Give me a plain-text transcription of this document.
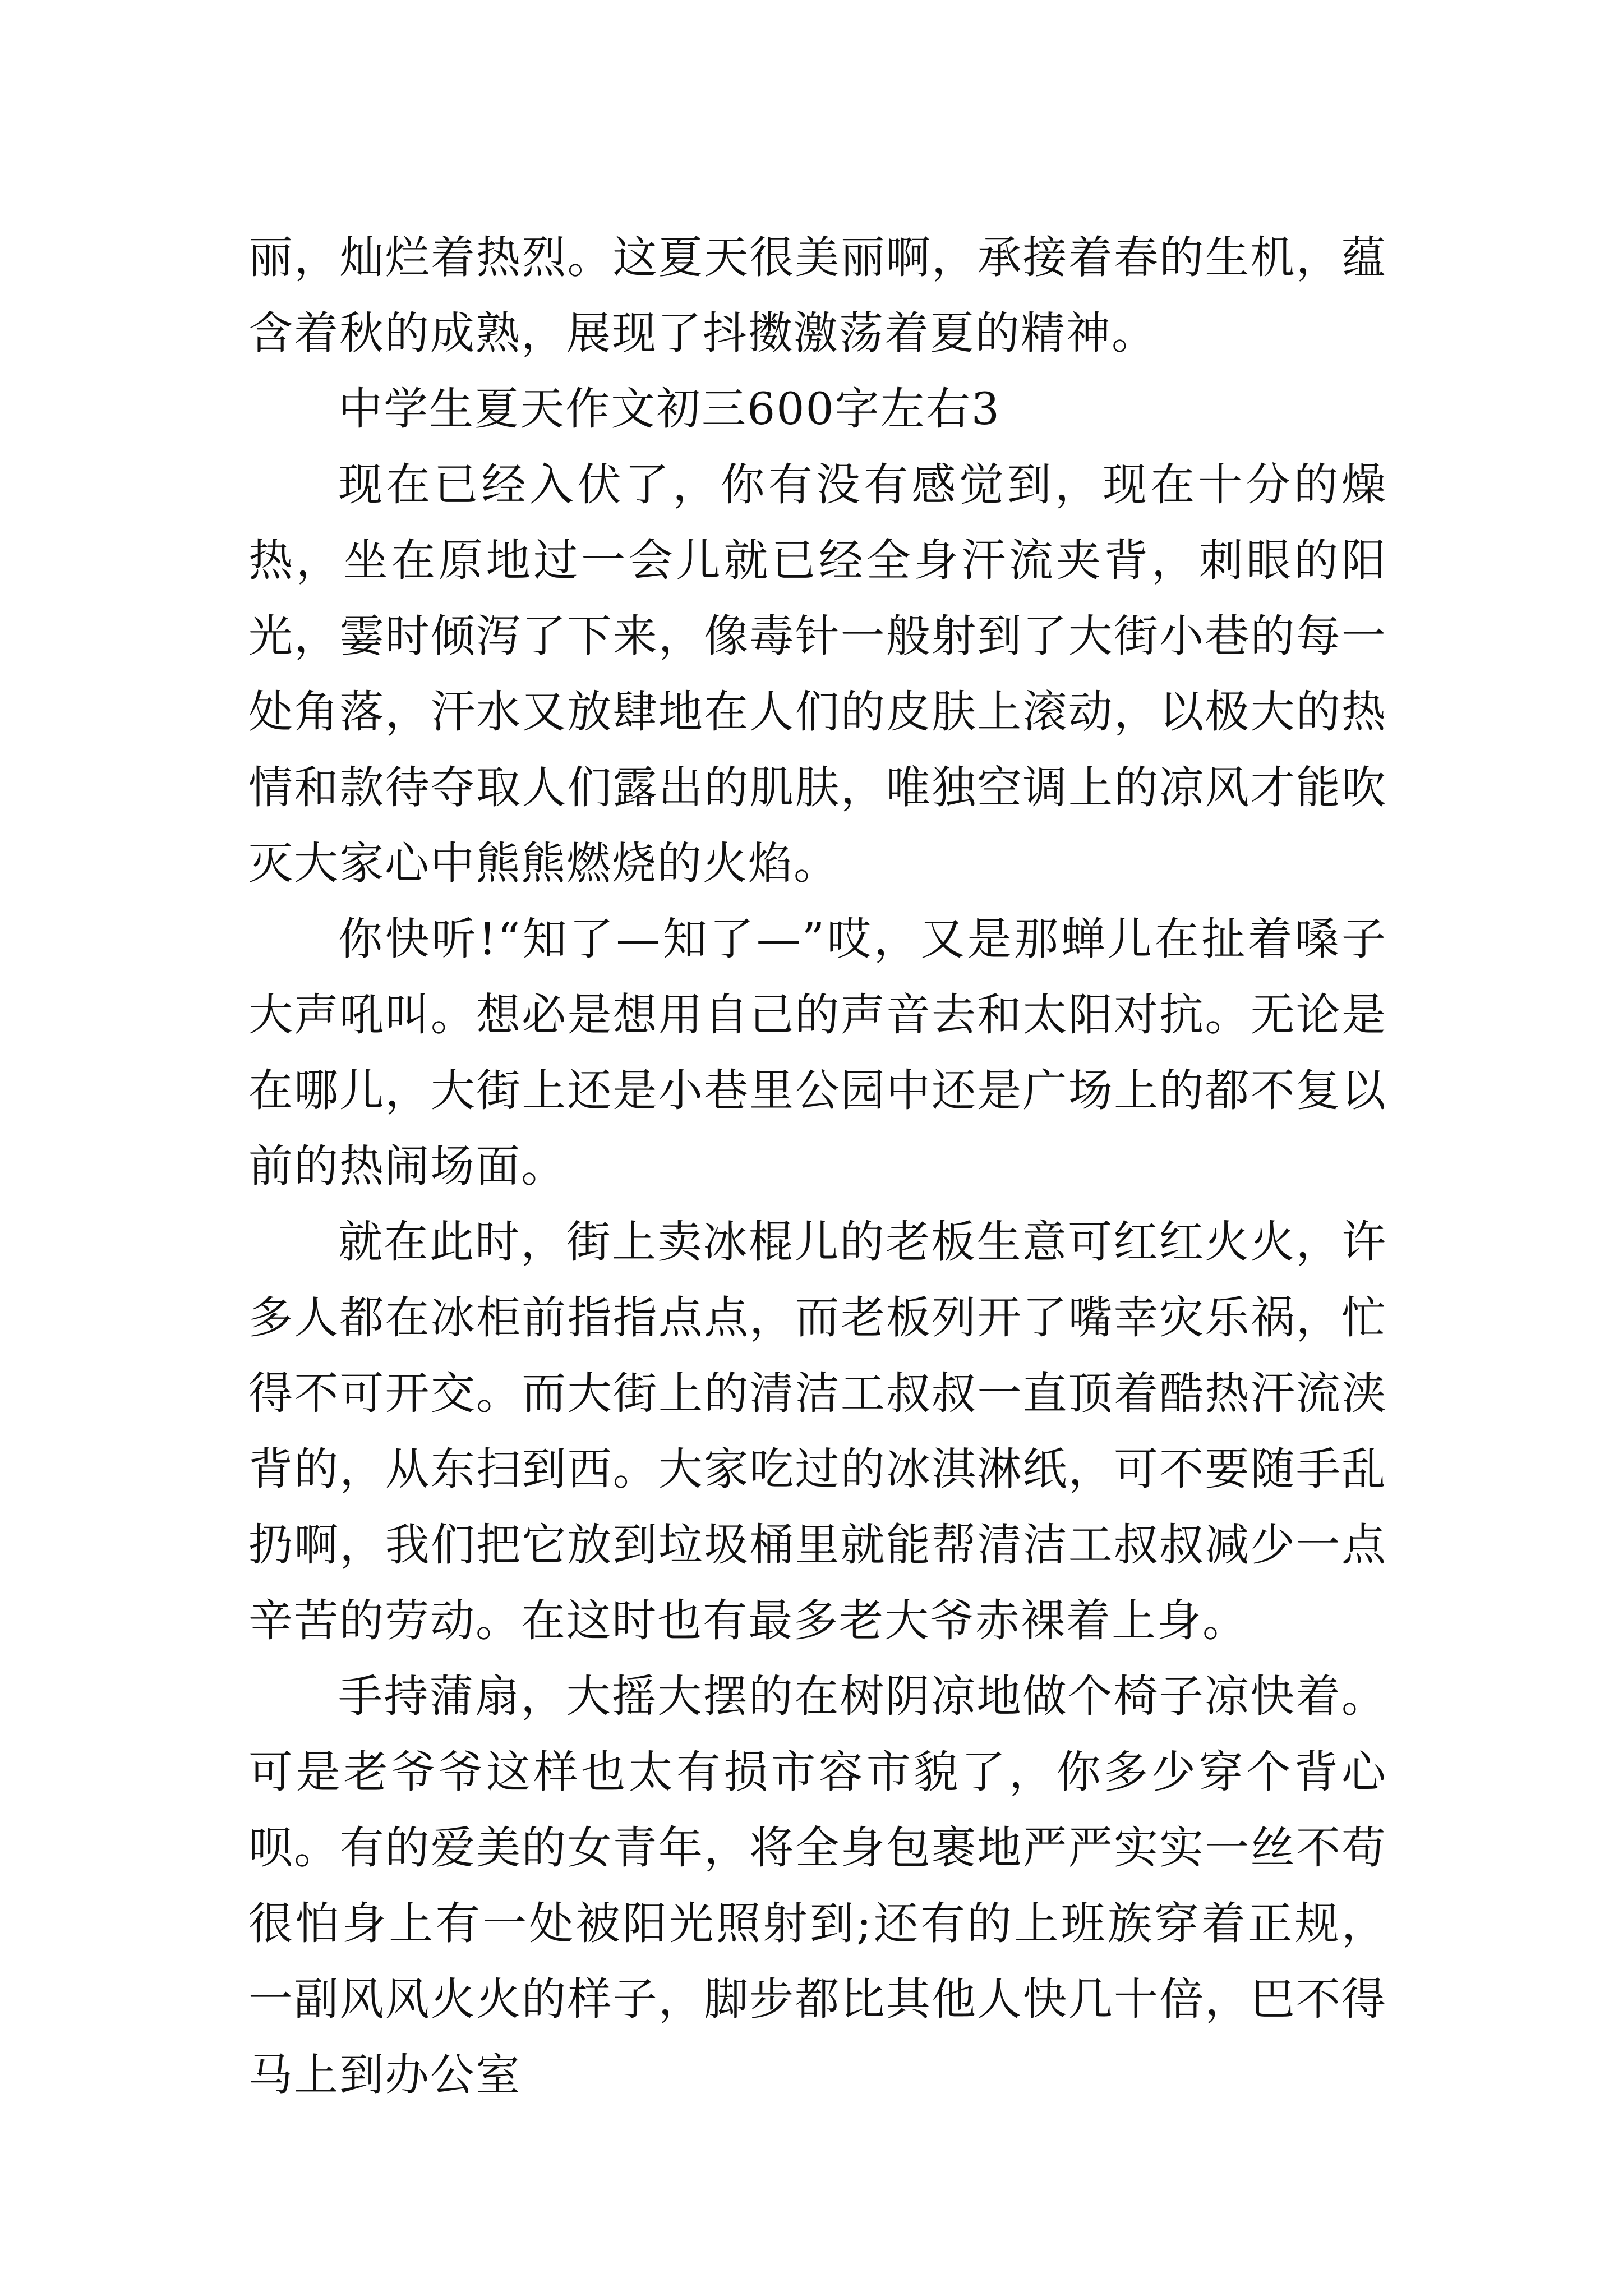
丽，灿烂着热烈。这夏天很美丽啊，承接着春的生机，蕴含着秋的成熟，展现了抖擞激荡着夏的精神。

中学生夏天作文初三600字左右3

现在已经入伏了，你有没有感觉到，现在十分的燥热，坐在原地过一会儿就已经全身汗流夹背，刺眼的阳光，霎时倾泻了下来，像毒针一般射到了大街小巷的每一处角落，汗水又放肆地在人们的皮肤上滚动，以极大的热情和款待夺取人们露出的肌肤，唯独空调上的凉风才能吹灭大家心中熊熊燃烧的火焰。

你快听!“知了—知了—”哎，又是那蝉儿在扯着嗓子大声吼叫。想必是想用自己的声音去和太阳对抗。无论是在哪儿，大街上还是小巷里公园中还是广场上的都不复以前的热闹场面。

就在此时，街上卖冰棍儿的老板生意可红红火火，许多人都在冰柜前指指点点，而老板列开了嘴幸灾乐祸，忙得不可开交。而大街上的清洁工叔叔一直顶着酷热汗流浃背的，从东扫到西。大家吃过的冰淇淋纸，可不要随手乱扔啊，我们把它放到垃圾桶里就能帮清洁工叔叔减少一点辛苦的劳动。在这时也有最多老大爷赤裸着上身。

手持蒲扇，大摇大摆的在树阴凉地做个椅子凉快着。可是老爷爷这样也太有损市容市貌了，你多少穿个背心呗。有的爱美的女青年，将全身包裹地严严实实一丝不苟很怕身上有一处被阳光照射到;还有的上班族穿着正规，一副风风火火的样子，脚步都比其他人快几十倍，巴不得马上到办公室
